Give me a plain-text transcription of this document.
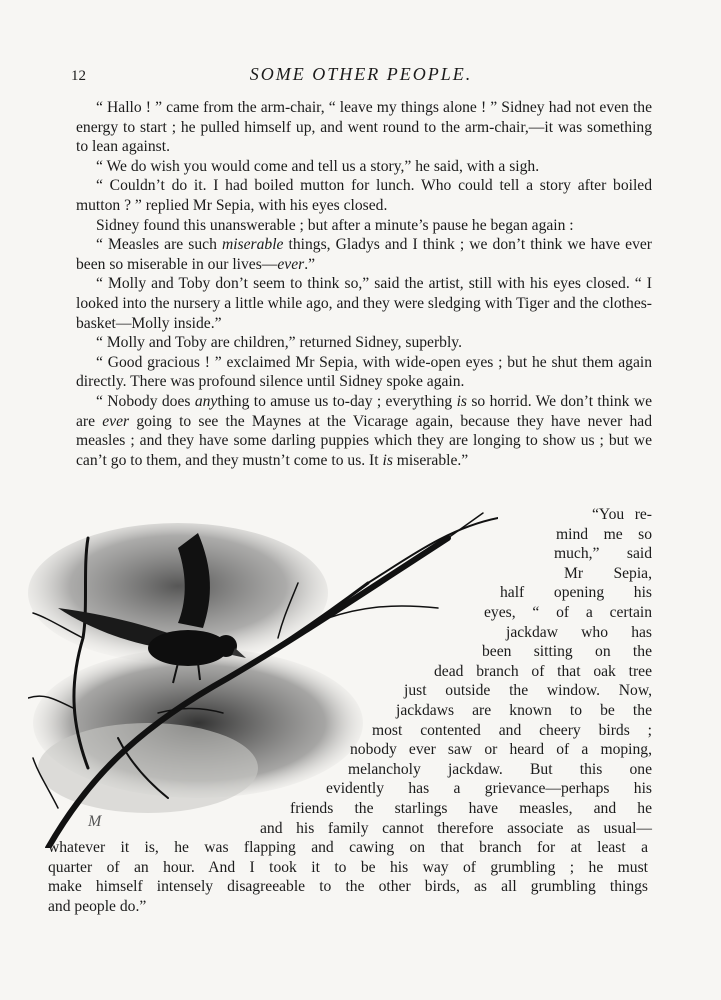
12	SOME OTHER PEOPLE.

“ Hallo ! ” came from the arm-chair, “ leave my things alone ! ” Sidney had not even the energy to start ; he pulled himself up, and went round to the arm-chair,—it was something to lean against.

“ We do wish you would come and tell us a story,” he said, with a sigh.

“ Couldn’t do it. I had boiled mutton for lunch. Who could tell a story after boiled mutton ? ” replied Mr Sepia, with his eyes closed.

Sidney found this unanswerable ; but after a minute’s pause he began again :

“ Measles are such miserable things, Gladys and I think ; we don’t think we have ever been so miserable in our lives—ever.”

“ Molly and Toby don’t seem to think so,” said the artist, still with his eyes closed. “ I looked into the nursery a little while ago, and they were sledging with Tiger and the clothes-basket—Molly inside.”

“ Molly and Toby are children,” returned Sidney, superbly.

“ Good gracious ! ” exclaimed Mr Sepia, with wide-open eyes ; but he shut them again directly. There was profound silence until Sidney spoke again.

“ Nobody does anything to amuse us to-day ; everything is so horrid. We don’t think we are ever going to see the Maynes at the Vicarage again, because they have never had measles ; and they have some darling puppies which they are longing to show us ; but we can’t go to them, and they mustn’t come to us. It is miserable.”

M
“You re-
mind me so
much,” said
Mr Sepia,
half opening his
eyes, “ of a certain
jackdaw who has
been sitting on the
dead branch of that oak tree
just outside the window. Now,
jackdaws are known to be the
most contented and cheery birds ;
nobody ever saw or heard of a moping,
melancholy jackdaw. But this one
evidently has a grievance—perhaps his
friends the starlings have measles, and he
and his family cannot therefore associate as usual—
whatever it is, he was flapping and cawing on that branch for at least a
quarter of an hour. And I took it to be his way of grumbling ; he must
make himself intensely disagreeable to the other birds, as all grumbling things
and people do.”
